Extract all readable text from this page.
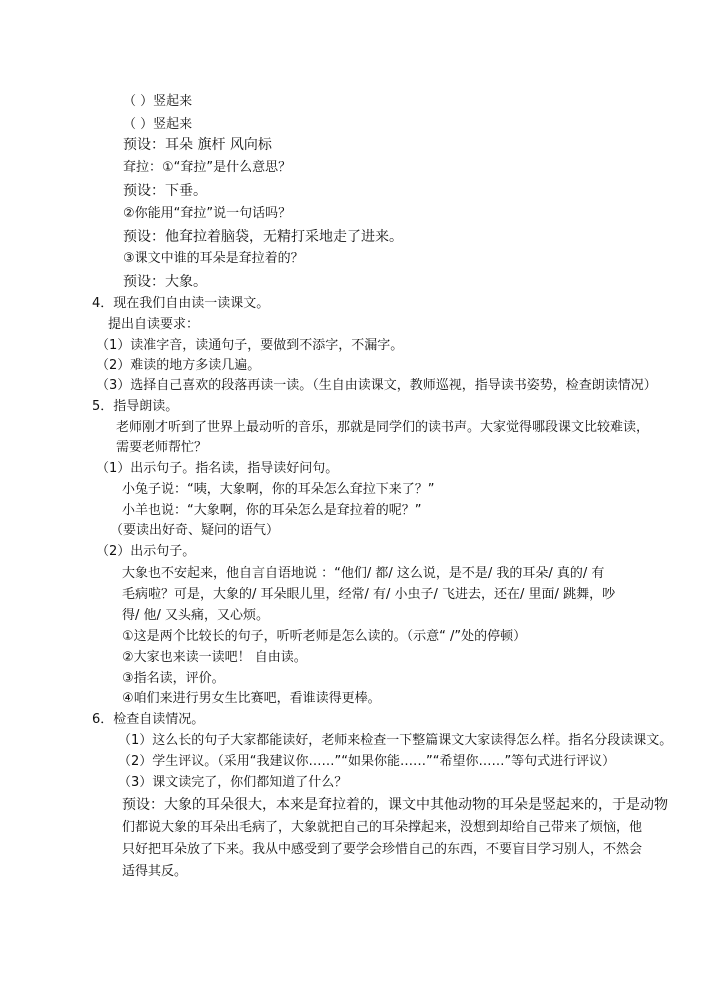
（ ）竖起来
（ ）竖起来
预设：耳朵 旗杆 风向标
耷拉：①“耷拉”是什么意思？
预设：下垂。
②你能用“耷拉”说一句话吗？
预设：他耷拉着脑袋，无精打采地走了进来。
③课文中谁的耳朵是耷拉着的？
预设：大象。
4．现在我们自由读一读课文。
提出自读要求：
（1）读准字音，读通句子，要做到不添字，不漏字。
（2）难读的地方多读几遍。
（3）选择自己喜欢的段落再读一读。（生自由读课文，教师巡视，指导读书姿势，检查朗读情况）
5．指导朗读。
老师刚才听到了世界上最动听的音乐，那就是同学们的读书声。大家觉得哪段课文比较难读，
需要老师帮忙？
（1）出示句子。指名读，指导读好问句。
小兔子说：“咦，大象啊，你的耳朵怎么耷拉下来了？”
小羊也说：“大象啊，你的耳朵怎么是耷拉着的呢？”
（要读出好奇、疑问的语气）
（2）出示句子。
大象也不安起来，他自言自语地说 ：“他们/ 都/ 这么说，是不是/ 我的耳朵/ 真的/ 有
毛病啦？可是，大象的/ 耳朵眼儿里，经常/ 有/ 小虫子/ 飞进去，还在/ 里面/ 跳舞，吵
得/ 他/ 又头痛，又心烦。
①这是两个比较长的句子，听听老师是怎么读的。（示意“ /”处的停顿）
②大家也来读一读吧！ 自由读。
③指名读，评价。
④咱们来进行男女生比赛吧，看谁读得更棒。
6．检查自读情况。
（1）这么长的句子大家都能读好，老师来检查一下整篇课文大家读得怎么样。指名分段读课文。
（2）学生评议。（采用“我建议你……”“如果你能……”“希望你……”等句式进行评议）
（3）课文读完了，你们都知道了什么？
预设：大象的耳朵很大，本来是耷拉着的，课文中其他动物的耳朵是竖起来的，于是动物
们都说大象的耳朵出毛病了，大象就把自己的耳朵撑起来，没想到却给自己带来了烦恼，他
只好把耳朵放了下来。我从中感受到了要学会珍惜自己的东西，不要盲目学习别人，不然会
适得其反。
